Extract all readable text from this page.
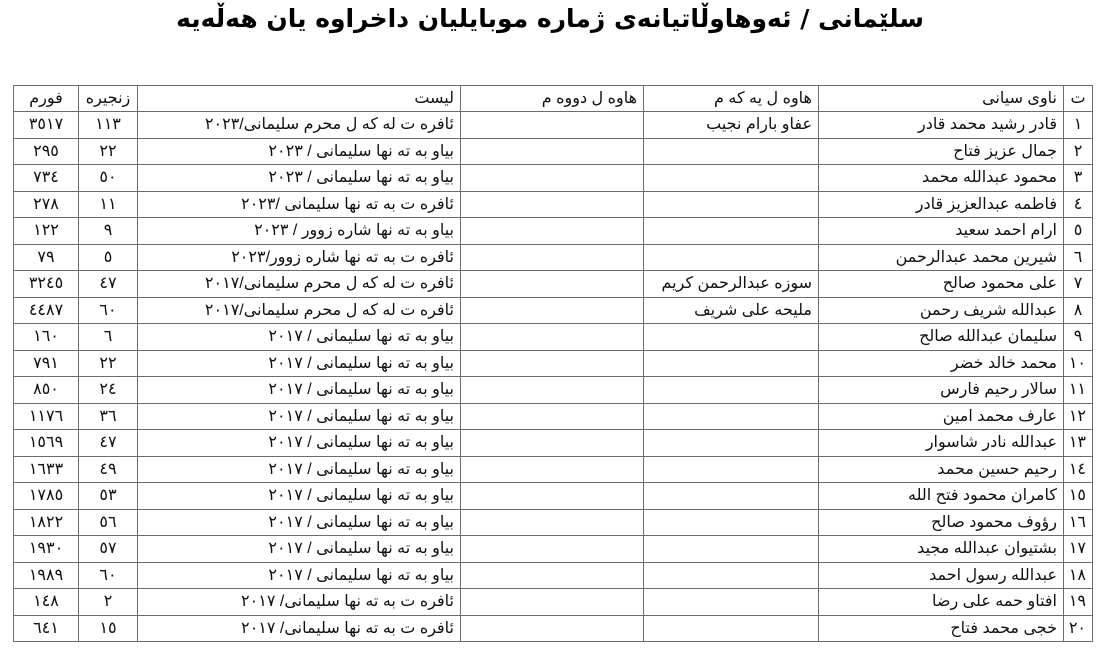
سلێمانی / ئەوهاوڵاتیانەی ژمارە موبایلیان داخراوە یان هەڵەیە
ت	ناوی سیانی	هاوه ل یه كه م	هاوه ل دووه م	ليست	زنجيره	فورم
١	قادر رشيد محمد قادر	عفاو بارام نجيب		ئافره ت له كه ل محرم سليمانى/٢٠٢٣	١١٣	٣٥١٧
٢	جمال عزيز فتاح			بياو به ته نها سليمانى / ٢٠٢٣	٢٢	٢٩٥
٣	محمود عبدالله محمد			بياو به ته نها سليمانى / ٢٠٢٣	٥٠	٧٣٤
٤	فاطمه عبدالعزيز قادر			ئافره ت به ته نها سليمانى /٢٠٢٣	١١	٢٧٨
٥	ارام احمد سعيد			بياو به ته نها شاره زوور / ٢٠٢٣	٩	١٢٢
٦	شيرين محمد عبدالرحمن			ئافره ت به ته نها شاره زوور/٢٠٢٣	٥	٧٩
٧	على محمود صالح	سوزه عبدالرحمن كريم		ئافره ت له كه ل محرم سليمانى/٢٠١٧	٤٧	٣٢٤٥
٨	عبدالله شريف رحمن	مليحه على شريف		ئافره ت له كه ل محرم سليمانى/٢٠١٧	٦٠	٤٤٨٧
٩	سليمان عبدالله صالح			بياو به ته نها سليمانى / ٢٠١٧	٦	١٦٠
١٠	محمد خالد خضر			بياو به ته نها سليمانى / ٢٠١٧	٢٢	٧٩١
١١	سالار رحيم فارس			بياو به ته نها سليمانى / ٢٠١٧	٢٤	٨٥٠
١٢	عارف محمد امين			بياو به ته نها سليمانى / ٢٠١٧	٣٦	١١٧٦
١٣	عبدالله نادر شاسوار			بياو به ته نها سليمانى / ٢٠١٧	٤٧	١٥٦٩
١٤	رحيم حسين محمد			بياو به ته نها سليمانى / ٢٠١٧	٤٩	١٦٣٣
١٥	كامران محمود فتح الله			بياو به ته نها سليمانى / ٢٠١٧	٥٣	١٧٨٥
١٦	رؤوف محمود صالح			بياو به ته نها سليمانى / ٢٠١٧	٥٦	١٨٢٢
١٧	بشتيوان عبدالله مجيد			بياو به ته نها سليمانى / ٢٠١٧	٥٧	١٩٣٠
١٨	عبدالله رسول احمد			بياو به ته نها سليمانى / ٢٠١٧	٦٠	١٩٨٩
١٩	افتاو حمه على رضا			ئافره ت به ته نها سليمانى/ ٢٠١٧	٢	١٤٨
٢٠	خجى محمد فتاح			ئافره ت به ته نها سليمانى/ ٢٠١٧	١٥	٦٤١
